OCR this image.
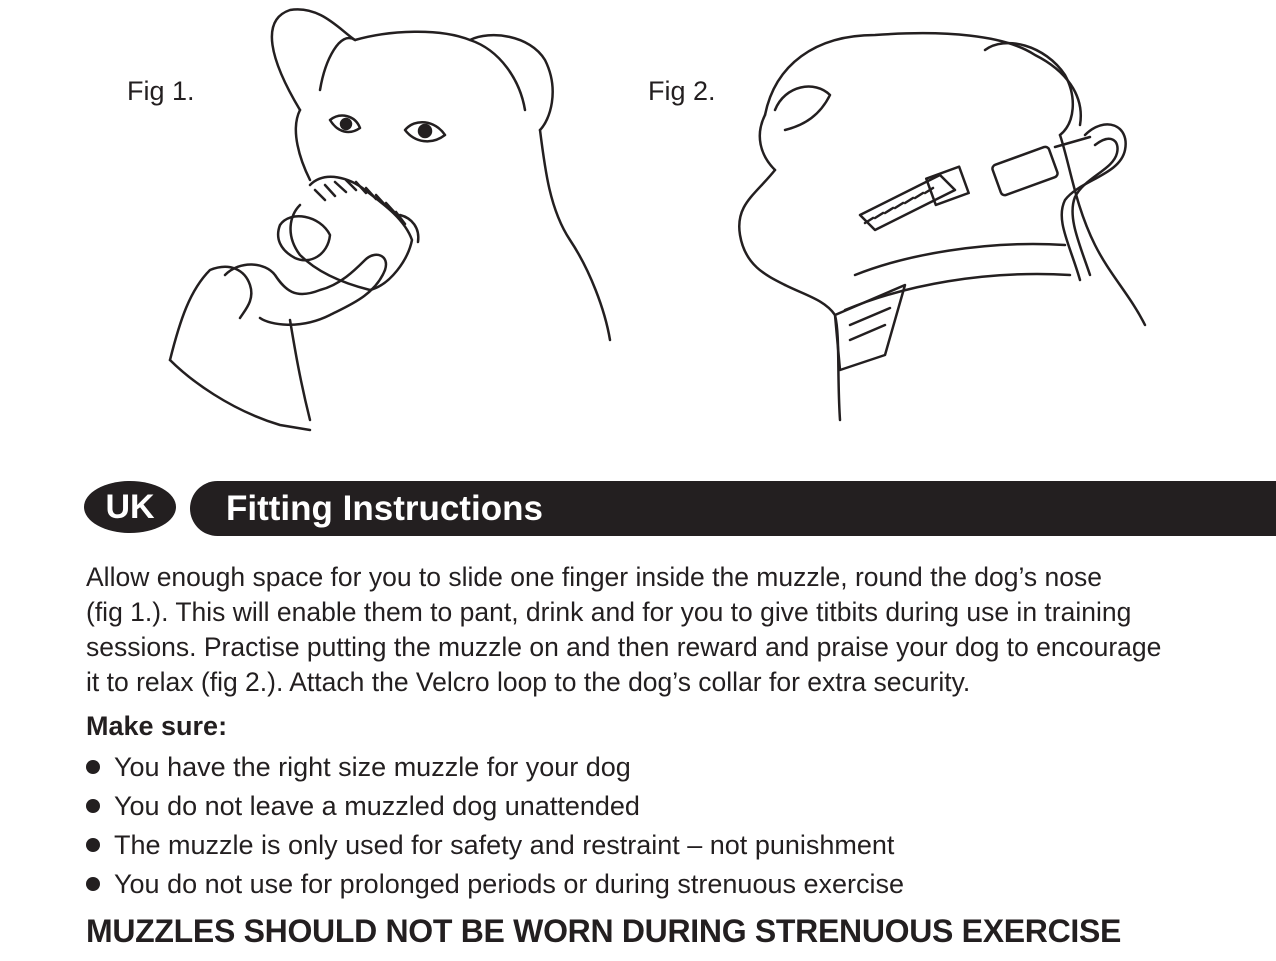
Fig 1.	Fig 2.
UK	Fitting Instructions

Allow enough space for you to slide one finger inside the muzzle, round the dog’s nose
(fig 1.). This will enable them to pant, drink and for you to give titbits during use in training
sessions. Practise putting the muzzle on and then reward and praise your dog to encourage
it to relax (fig 2.). Attach the Velcro loop to the dog’s collar for extra security.

Make sure:

You have the right size muzzle for your dog
You do not leave a muzzled dog unattended
The muzzle is only used for safety and restraint – not punishment
You do not use for prolonged periods or during strenuous exercise

MUZZLES SHOULD NOT BE WORN DURING STRENUOUS EXERCISE
